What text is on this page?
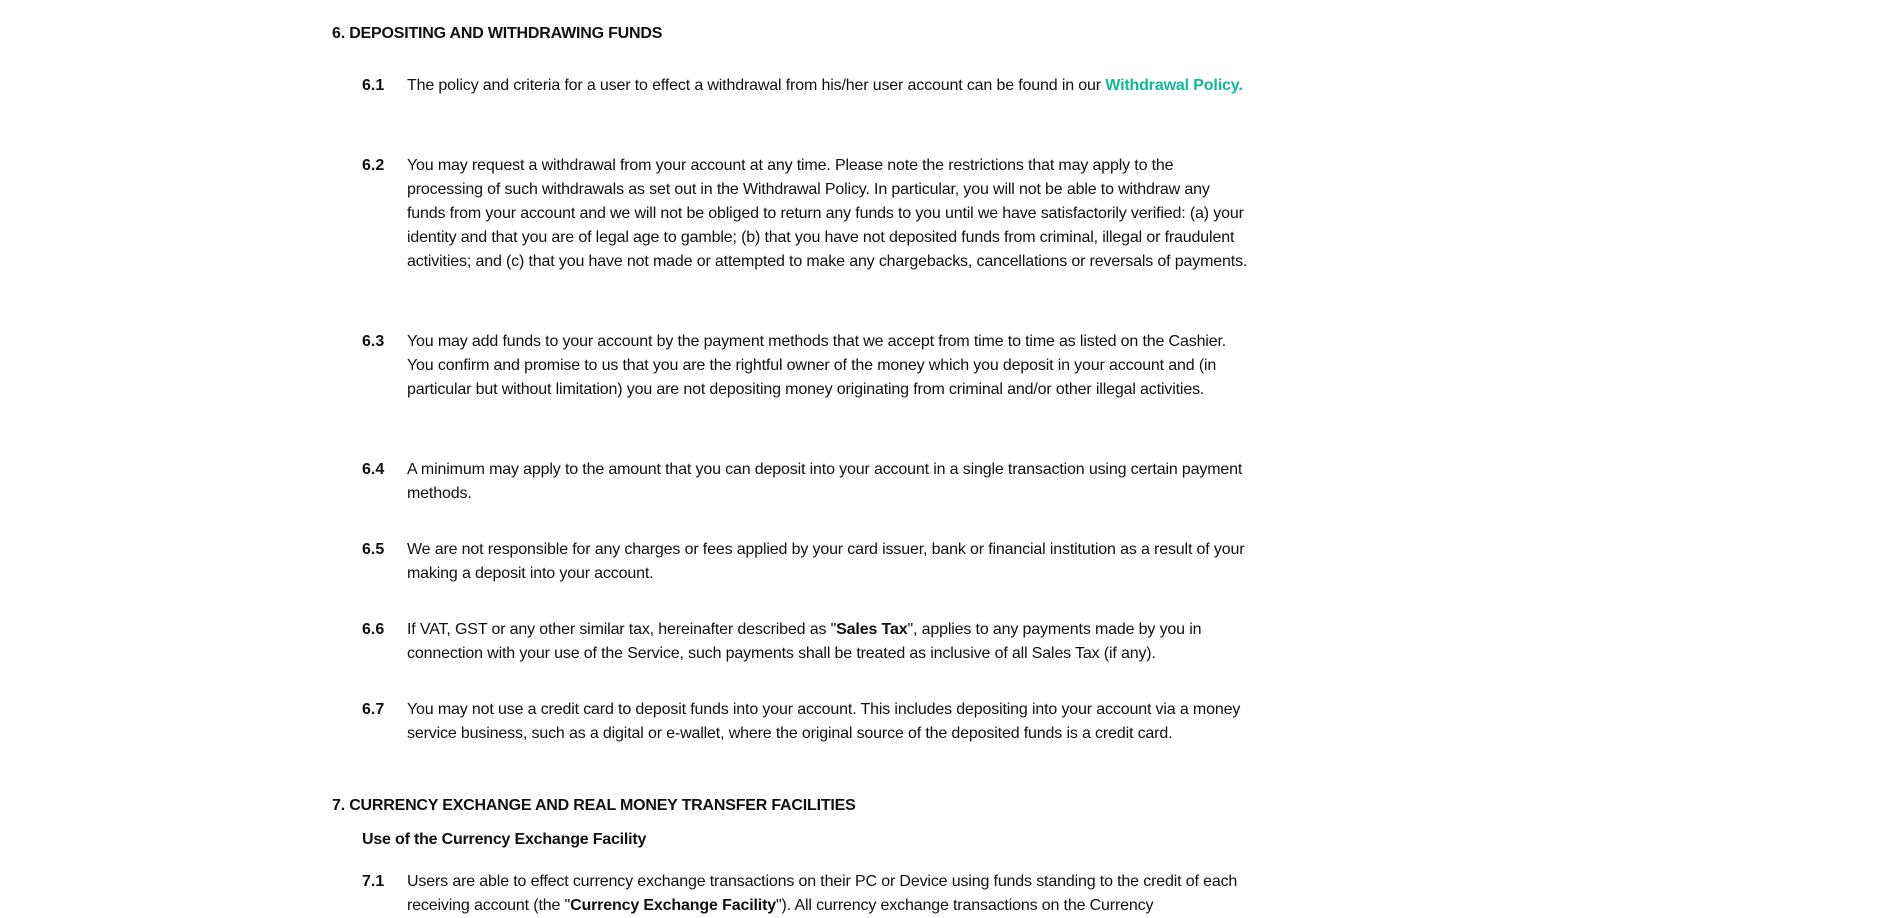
6. DEPOSITING AND WITHDRAWING FUNDS
6.1 The policy and criteria for a user to effect a withdrawal from his/her user account can be found in our Withdrawal Policy.

6.2 You may request a withdrawal from your account at any time. Please note the restrictions that may apply to the processing of such withdrawals as set out in the Withdrawal Policy. In particular, you will not be able to withdraw any funds from your account and we will not be obliged to return any funds to you until we have satisfactorily verified: (a) your identity and that you are of legal age to gamble; (b) that you have not deposited funds from criminal, illegal or fraudulent activities; and (c) that you have not made or attempted to make any chargebacks, cancellations or reversals of payments.

6.3 You may add funds to your account by the payment methods that we accept from time to time as listed on the Cashier. You confirm and promise to us that you are the rightful owner of the money which you deposit in your account and (in particular but without limitation) you are not depositing money originating from criminal and/or other illegal activities.

6.4 A minimum may apply to the amount that you can deposit into your account in a single transaction using certain payment methods.

6.5 We are not responsible for any charges or fees applied by your card issuer, bank or financial institution as a result of your making a deposit into your account.

6.6 If VAT, GST or any other similar tax, hereinafter described as "Sales Tax", applies to any payments made by you in connection with your use of the Service, such payments shall be treated as inclusive of all Sales Tax (if any).

6.7 You may not use a credit card to deposit funds into your account. This includes depositing into your account via a money service business, such as a digital or e-wallet, where the original source of the deposited funds is a credit card.

7. CURRENCY EXCHANGE AND REAL MONEY TRANSFER FACILITIES
Use of the Currency Exchange Facility
7.1 Users are able to effect currency exchange transactions on their PC or Device using funds standing to the credit of each receiving account (the "Currency Exchange Facility"). All currency exchange transactions on the Currency
